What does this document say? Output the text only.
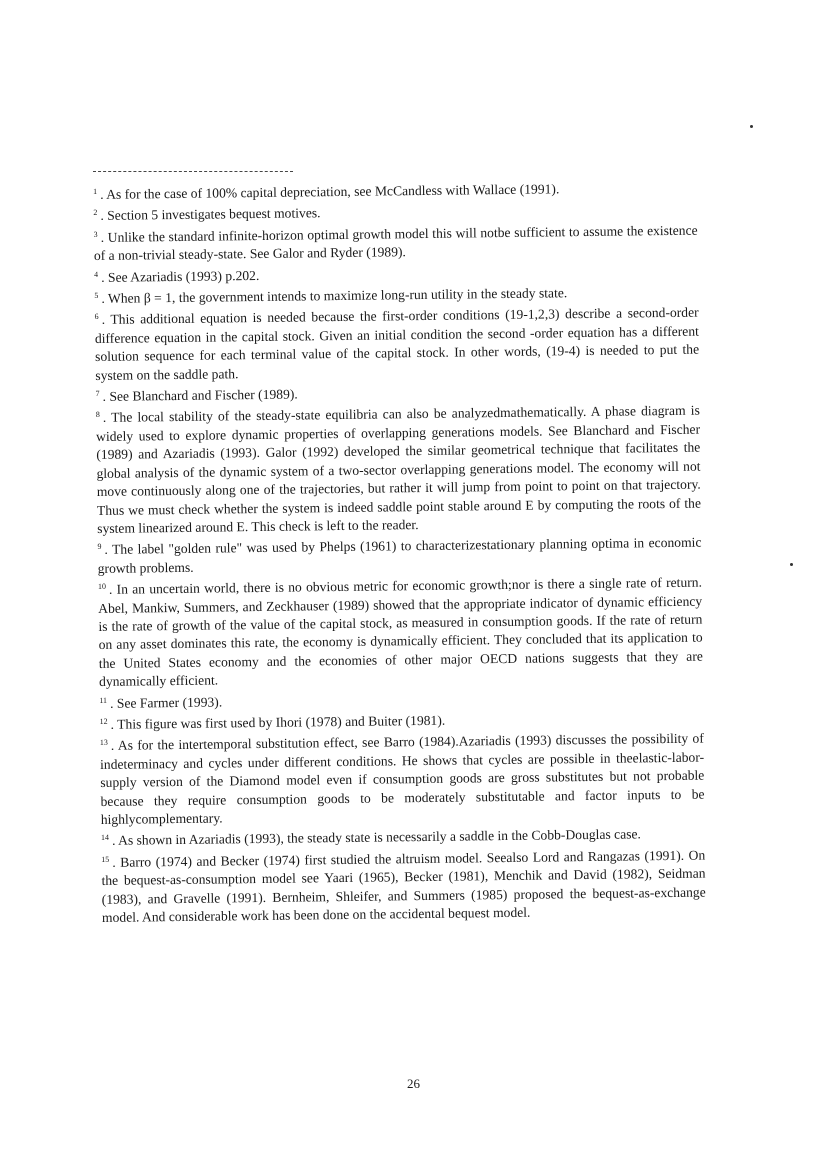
$^1$ . As for the case of 100% capital depreciation, see McCandless with Wallace (1991).

$^2$ . Section 5 investigates bequest motives.

$^3$ . Unlike the standard infinite-horizon optimal growth model this will notbe sufficient to assume the existence of a non-trivial steady-state. See Galor and Ryder (1989).

$^4$ . See Azariadis (1993) p.202.

$^5$ . When β = 1, the government intends to maximize long-run utility in the steady state.

$^6$ . This additional equation is needed because the first-order conditions (19-1,2,3) describe a second-order difference equation in the capital stock. Given an initial condition the second -order equation has a different solution sequence for each terminal value of the capital stock. In other words, (19-4) is needed to put the system on the saddle path.

$^7$ . See Blanchard and Fischer (1989).

$^8$ . The local stability of the steady-state equilibria can also be analyzedmathematically. A phase diagram is widely used to explore dynamic properties of overlapping generations models. See Blanchard and Fischer (1989) and Azariadis (1993). Galor (1992) developed the similar geometrical technique that facilitates the global analysis of the dynamic system of a two-sector overlapping generations model. The economy will not move continuously along one of the trajectories, but rather it will jump from point to point on that trajectory. Thus we must check whether the system is indeed saddle point stable around E by computing the roots of the system linearized around E. This check is left to the reader.

$^9$ . The label "golden rule" was used by Phelps (1961) to characterizestationary planning optima in economic growth problems.

$^{10}$ . In an uncertain world, there is no obvious metric for economic growth;nor is there a single rate of return. Abel, Mankiw, Summers, and Zeckhauser (1989) showed that the appropriate indicator of dynamic efficiency is the rate of growth of the value of the capital stock, as measured in consumption goods. If the rate of return on any asset dominates this rate, the economy is dynamically efficient. They concluded that its application to the United States economy and the economies of other major OECD nations suggests that they are dynamically efficient.

$^{11}$ . See Farmer (1993).

$^{12}$ . This figure was first used by Ihori (1978) and Buiter (1981).

$^{13}$ . As for the intertemporal substitution effect, see Barro (1984).Azariadis (1993) discusses the possibility of indeterminacy and cycles under different conditions. He shows that cycles are possible in theelastic-labor-supply version of the Diamond model even if consumption goods are gross substitutes but not probable because they require consumption goods to be moderately substitutable and factor inputs to be highlycomplementary.

$^{14}$ . As shown in Azariadis (1993), the steady state is necessarily a saddle in the Cobb-Douglas case.

$^{15}$ . Barro (1974) and Becker (1974) first studied the altruism model. Seealso Lord and Rangazas (1991). On the bequest-as-consumption model see Yaari (1965), Becker (1981), Menchik and David (1982), Seidman (1983), and Gravelle (1991). Bernheim, Shleifer, and Summers (1985) proposed the bequest-as-exchange model. And considerable work has been done on the accidental bequest model.

26
